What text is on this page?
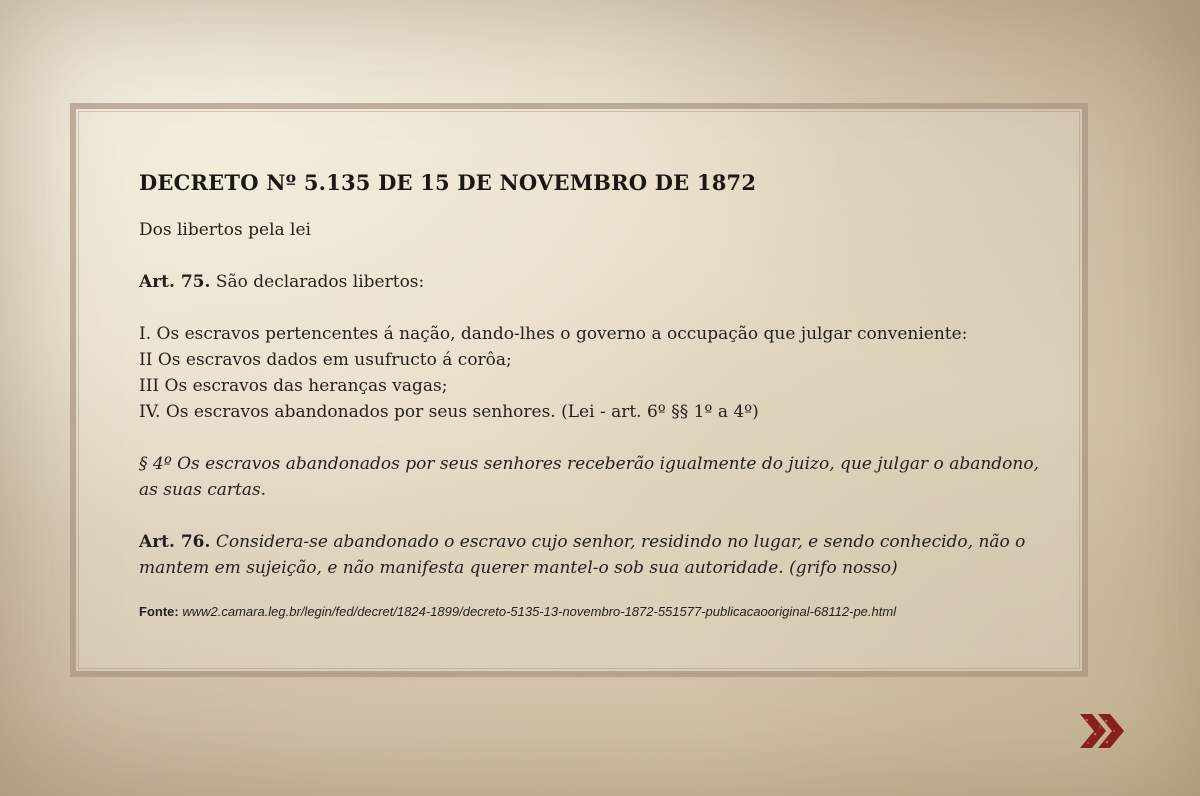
DECRETO Nº 5.135 DE 15 DE NOVEMBRO DE 1872
Dos libertos pela lei
Art. 75. São declarados libertos:
I. Os escravos pertencentes á nação, dando-lhes o governo a occupação que julgar conveniente:
II Os escravos dados em usufructo á corôa;
III Os escravos das heranças vagas;
IV. Os escravos abandonados por seus senhores. (Lei - art. 6º §§ 1º a 4º)
§ 4º Os escravos abandonados por seus senhores receberão igualmente do juizo, que julgar o abandono, as suas cartas.
Art. 76. Considera-se abandonado o escravo cujo senhor, residindo no lugar, e sendo conhecido, não o mantem em sujeição, e não manifesta querer mantel-o sob sua autoridade. (grifo nosso)
Fonte: www2.camara.leg.br/legin/fed/decret/1824-1899/decreto-5135-13-novembro-1872-551577-publicacaooriginal-68112-pe.html
